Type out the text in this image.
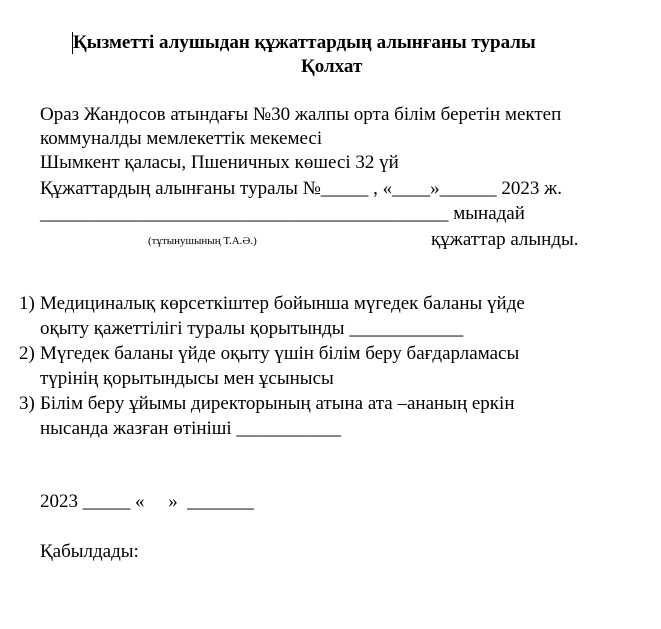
Қызметті алушыдан құжаттардың алынғаны туралы
Қолхат
Ораз Жандосов атындағы №30 жалпы орта білім беретін мектеп
коммуналды мемлекеттік мекемесі
Шымкент қаласы, Пшеничных көшесі 32 үй
Құжаттардың алынғаны туралы №_____ , «____»______ 2023 ж.
___________________________________________ мынадай
(тұтынушының Т.А.Ә.)	құжаттар алынды.
1) Медициналық көрсеткіштер бойынша мүгедек баланы үйде
оқыту қажеттілігі туралы қорытынды ____________
2) Мүгедек баланы үйде оқыту үшін білім беру бағдарламасы
түрінің қорытындысы мен ұсынысы
3) Білім беру ұйымы директорының атына ата –ананың еркін
нысанда жазған өтініші ___________
2023 _____ «     »  _______
Қабылдады:
